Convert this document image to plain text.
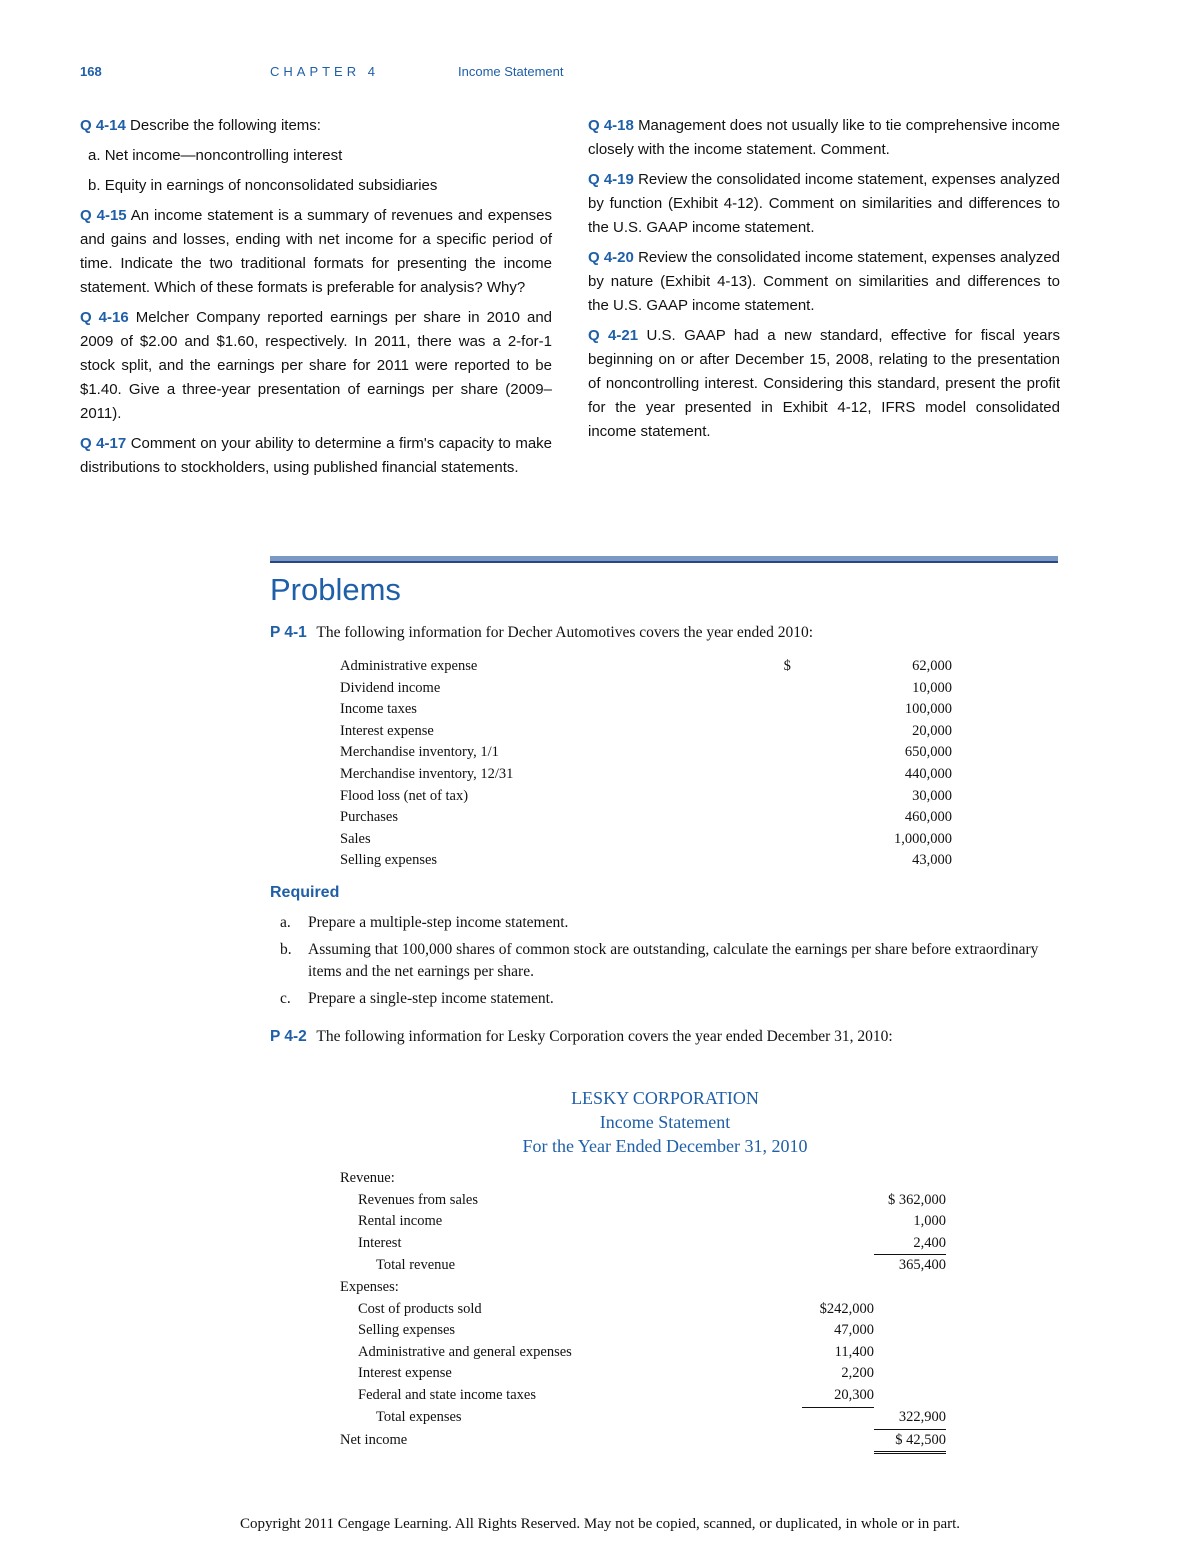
168	CHAPTER 4	Income Statement

Q 4-14 Describe the following items:

a. Net income—noncontrolling interest
b. Equity in earnings of nonconsolidated subsidiaries

Q 4-15 An income statement is a summary of revenues and expenses and gains and losses, ending with net income for a specific period of time. Indicate the two traditional formats for presenting the income statement. Which of these formats is preferable for analysis? Why?

Q 4-16 Melcher Company reported earnings per share in 2010 and 2009 of $2.00 and $1.60, respectively. In 2011, there was a 2-for-1 stock split, and the earnings per share for 2011 were reported to be $1.40. Give a three-year presentation of earnings per share (2009–2011).

Q 4-17 Comment on your ability to determine a firm's capacity to make distributions to stockholders, using published financial statements.

Q 4-18 Management does not usually like to tie comprehensive income closely with the income statement. Comment.

Q 4-19 Review the consolidated income statement, expenses analyzed by function (Exhibit 4-12). Comment on similarities and differences to the U.S. GAAP income statement.

Q 4-20 Review the consolidated income statement, expenses analyzed by nature (Exhibit 4-13). Comment on similarities and differences to the U.S. GAAP income statement.

Q 4-21 U.S. GAAP had a new standard, effective for fiscal years beginning on or after December 15, 2008, relating to the presentation of noncontrolling interest. Considering this standard, present the profit for the year presented in Exhibit 4-12, IFRS model consolidated income statement.

Problems
P 4-1 The following information for Decher Automotives covers the year ended 2010:
Administrative expense	$	62,000
Dividend income		10,000
Income taxes		100,000
Interest expense		20,000
Merchandise inventory, 1/1		650,000
Merchandise inventory, 12/31		440,000
Flood loss (net of tax)		30,000
Purchases		460,000
Sales		1,000,000
Selling expenses		43,000
Required
a. Prepare a multiple-step income statement.
b. Assuming that 100,000 shares of common stock are outstanding, calculate the earnings per share before extraordinary items and the net earnings per share.
c. Prepare a single-step income statement.
P 4-2 The following information for Lesky Corporation covers the year ended December 31, 2010:
LESKY CORPORATION
Income Statement
For the Year Ended December 31, 2010
Revenue:			
Revenues from sales			$ 362,000
Rental income			1,000
Interest			2,400
Total revenue			365,400
Expenses:			
Cost of products sold		$242,000	
Selling expenses		47,000	
Administrative and general expenses		11,400	
Interest expense		2,200	
Federal and state income taxes		20,300	
Total expenses			322,900
Net income			$ 42,500
Copyright 2011 Cengage Learning. All Rights Reserved. May not be copied, scanned, or duplicated, in whole or in part.
